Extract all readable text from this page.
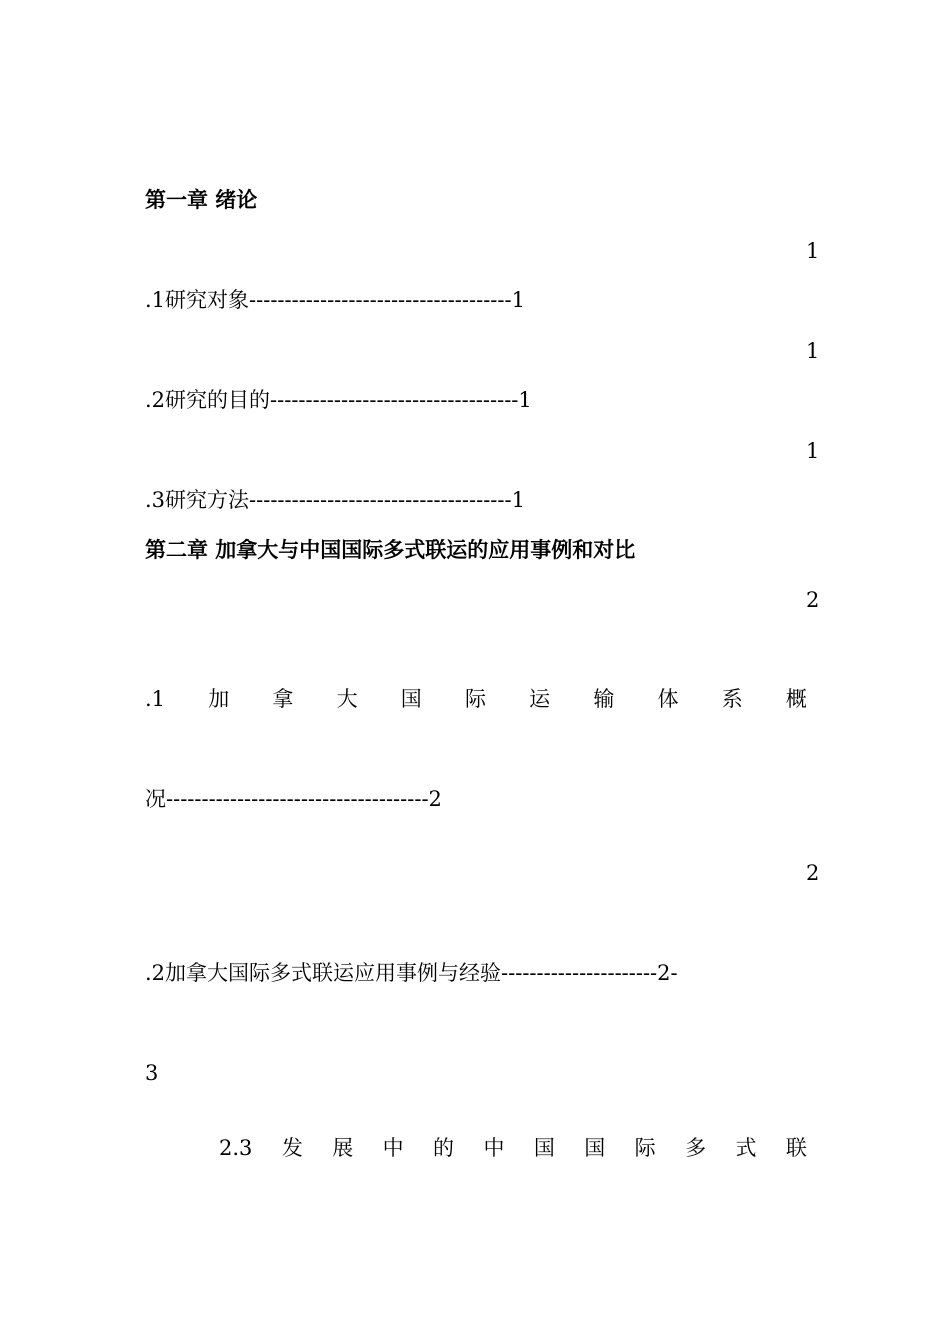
第一章 绪论
1
.1研究对象-------------------------------------1
1
.2研究的目的-----------------------------------1
1
.3研究方法-------------------------------------1
第二章 加拿大与中国国际多式联运的应用事例和对比
2
.1 加 拿 大 国 际 运 输 体 系 概
况-------------------------------------2
2
.2加拿大国际多式联运应用事例与经验----------------------2-
3
2.3 发 展 中 的 中 国 国 际 多 式 联
